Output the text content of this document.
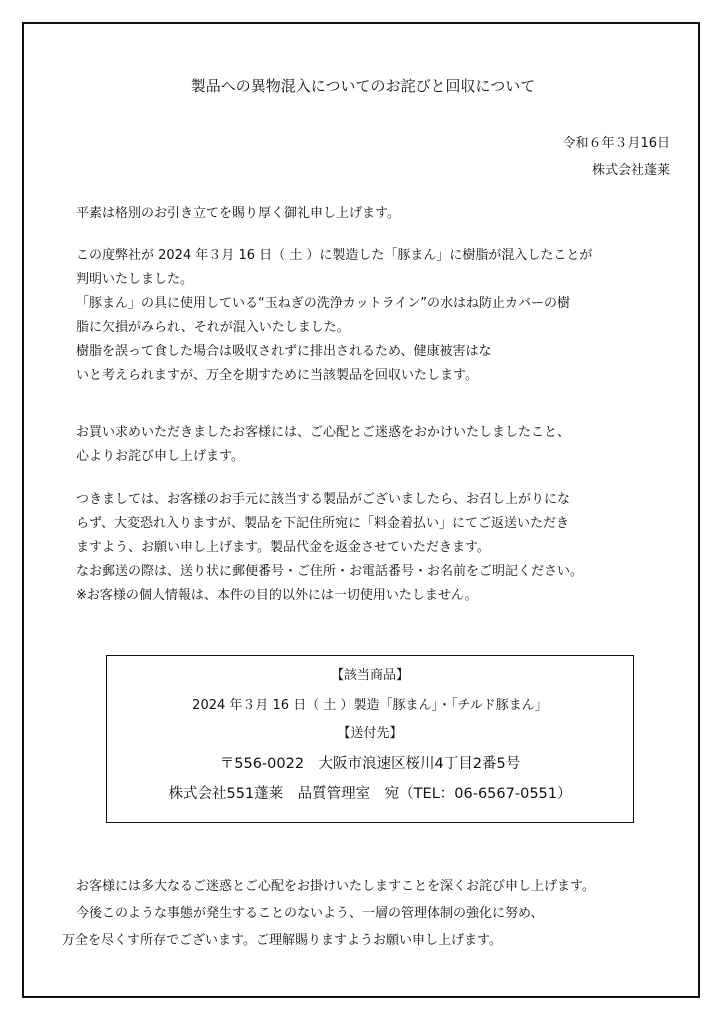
製品への異物混入についてのお詫びと回収について
令和６年３月16日
株式会社蓬莱
平素は格別のお引き立てを賜り厚く御礼申し上げます。
この度弊社が 2024 年３月 16 日（ 土 ）に製造した「豚まん」に樹脂が混入したことが
判明いたしました。
「豚まん」の具に使用している“玉ねぎの洗浄カットライン”の水はね防止カバーの樹
脂に欠損がみられ、それが混入いたしました。
樹脂を誤って食した場合は吸収されずに排出されるため、健康被害はな
いと考えられますが、万全を期すために当該製品を回収いたします。
お買い求めいただきましたお客様には、ご心配とご迷惑をおかけいたしましたこと、
心よりお詫び申し上げます。
つきましては、お客様のお手元に該当する製品がございましたら、お召し上がりにな
らず、大変恐れ入りますが、製品を下記住所宛に「料金着払い」にてご返送いただき
ますよう、お願い申し上げます。製品代金を返金させていただきます。
なお郵送の際は、送り状に郵便番号・ご住所・お電話番号・お名前をご明記ください。
※お客様の個人情報は、本件の目的以外には一切使用いたしません。
【該当商品】
2024 年３月 16 日（ 土 ）製造「豚まん」・「チルド豚まん」
【送付先】
〒556-0022　大阪市浪速区桜川4丁目2番5号
株式会社551蓬莱　品質管理室　宛（TEL：06-6567-0551）
お客様には多大なるご迷惑とご心配をお掛けいたしますことを深くお詫び申し上げます。
今後このような事態が発生することのないよう、一層の管理体制の強化に努め、
万全を尽くす所存でございます。ご理解賜りますようお願い申し上げます。
